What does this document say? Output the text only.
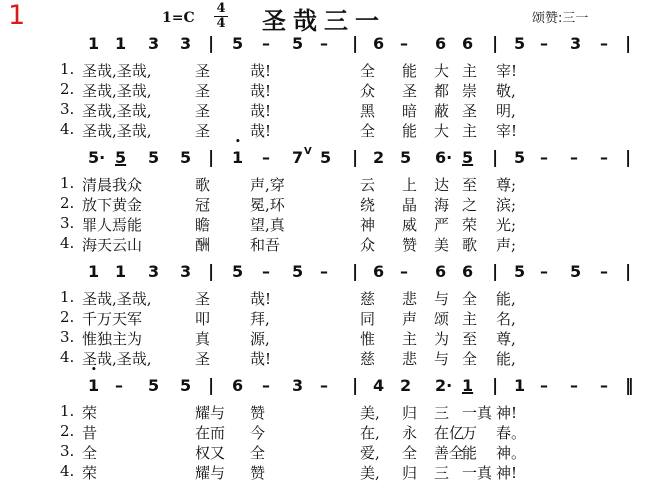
1	1=C
4
4 圣哉三一	颂赞:三一
1 1 3 3 | 5 – 5 – | 6 – 6 6 | 5 – 3 – |
1. 圣哉,圣哉,	圣	哉!	全 能 大 主 宰!
2. 圣哉,圣哉,	圣	哉!	众 圣 都 崇 敬,
3. 圣哉,圣哉,	圣	哉!	黑 暗 蔽 圣 明,
4. 圣哉,圣哉,	圣	哉!	全 能 大 主 宰!
5· 5 5 5 |
• 1 – 7 V 5 | 2 5 6· 5 | 5 – – – |
1. 清晨我众	歌	声,穿	云 上 达 至 尊;
2. 放下黄金	冠	冕,环	绕 晶 海 之 滨;
3. 罪人焉能	瞻	望,真	神 威 严 荣 光;
4. 海天云山	酬	和吾	众 赞 美 歌 声;
1 1 3 3 | 5 – 5 – | 6 – 6 6 | 5 – 5 – |
1. 圣哉,圣哉,	圣	哉!	慈 悲 与 全 能,
2. 千万天军	叩	拜,	同 声 颂 主 名,
3. 惟独主为	真	源,	惟 主 为 至 尊,
4. 圣哉,圣哉,	圣	哉!	慈 悲 与 全 能,
• 1 – 5 5 | 6 – 3 – | 4 2 2· 1 | 1 – – – ‖
1. 荣	耀与 赞	美, 归 三 一真 神!
2. 昔	在而 今	在, 永 在亿
万 春。
3. 全	权又 全	爱, 全 善全
能 神。
4. 荣	耀与 赞	美, 归 三 一真 神!
